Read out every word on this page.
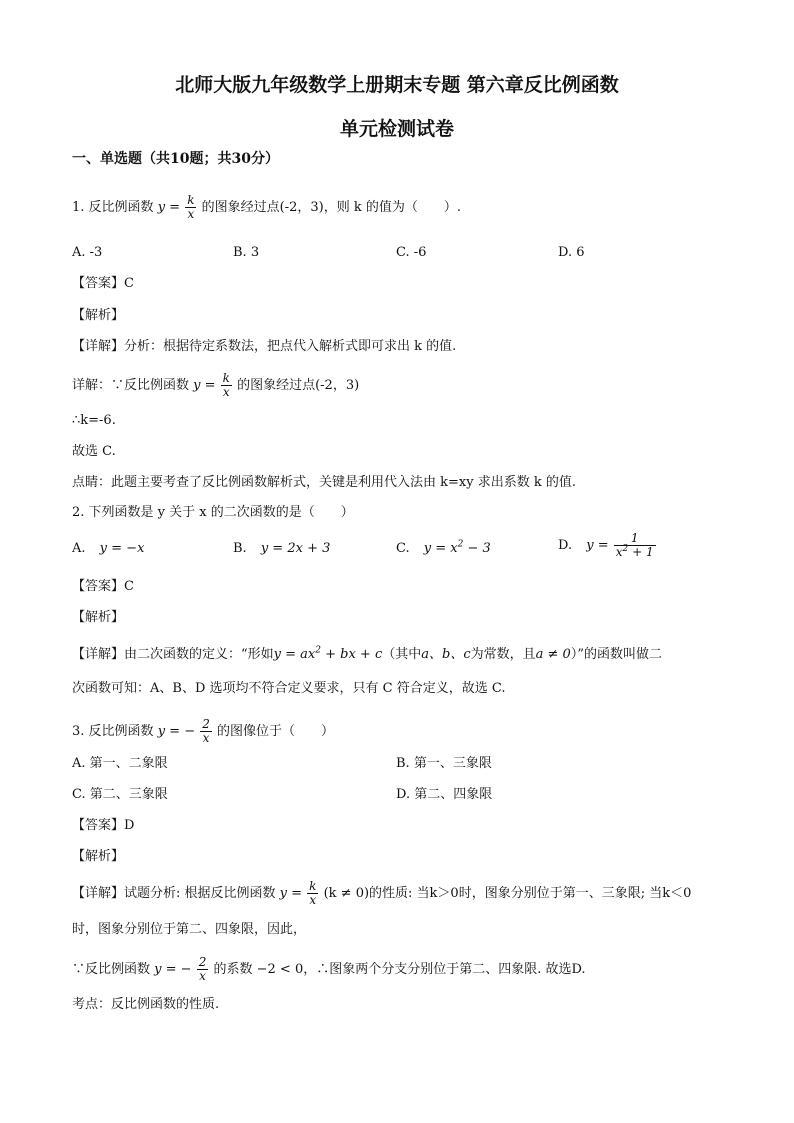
北师大版九年级数学上册期末专题 第六章反比例函数
单元检测试卷
一、单选题（共10题；共30分）
1. 反比例函数 $y = \frac{k}{x}$ 的图象经过点(-2，3)，则 k 的值为（　　）.
A. -3	B. 3	C. -6	D. 6
【答案】C
【解析】
【详解】分析：根据待定系数法，把点代入解析式即可求出 k 的值.
详解：∵反比例函数 $y = \frac{k}{x}$ 的图象经过点(-2，3)
∴k=-6.
故选 C.
点睛：此题主要考查了反比例函数解析式，关键是利用代入法由 k=xy 求出系数 k 的值.
2. 下列函数是 y 关于 x 的二次函数的是（　　）
A. y = −x	B. y = 2x + 3	C. $y = x^2 - 3$	D. $y = \frac{1}{x^2 + 1}$
【答案】C
【解析】
【详解】由二次函数的定义：“形如$y = ax^2$ + bx + c（其中a、b、c为常数，且a ≠ 0）”的函数叫做二
次函数可知：A、B、D 选项均不符合定义要求，只有 C 符合定义，故选 C.
3. 反比例函数 y = − $\frac{2}{x}$ 的图像位于（　　）
A. 第一、二象限	B. 第一、三象限
C. 第二、三象限	D. 第二、四象限
【答案】D
【解析】
【详解】试题分析: 根据反比例函数 $y = \frac{k}{x} (k \ne 0)$的性质: 当k＞0时，图象分别位于第一、三象限; 当k＜0
时，图象分别位于第二、四象限，因此，
∵反比例函数 y = − $\frac{2}{x}$ 的系数 −2 < 0，∴图象两个分支分别位于第二、四象限. 故选D.
考点：反比例函数的性质.
